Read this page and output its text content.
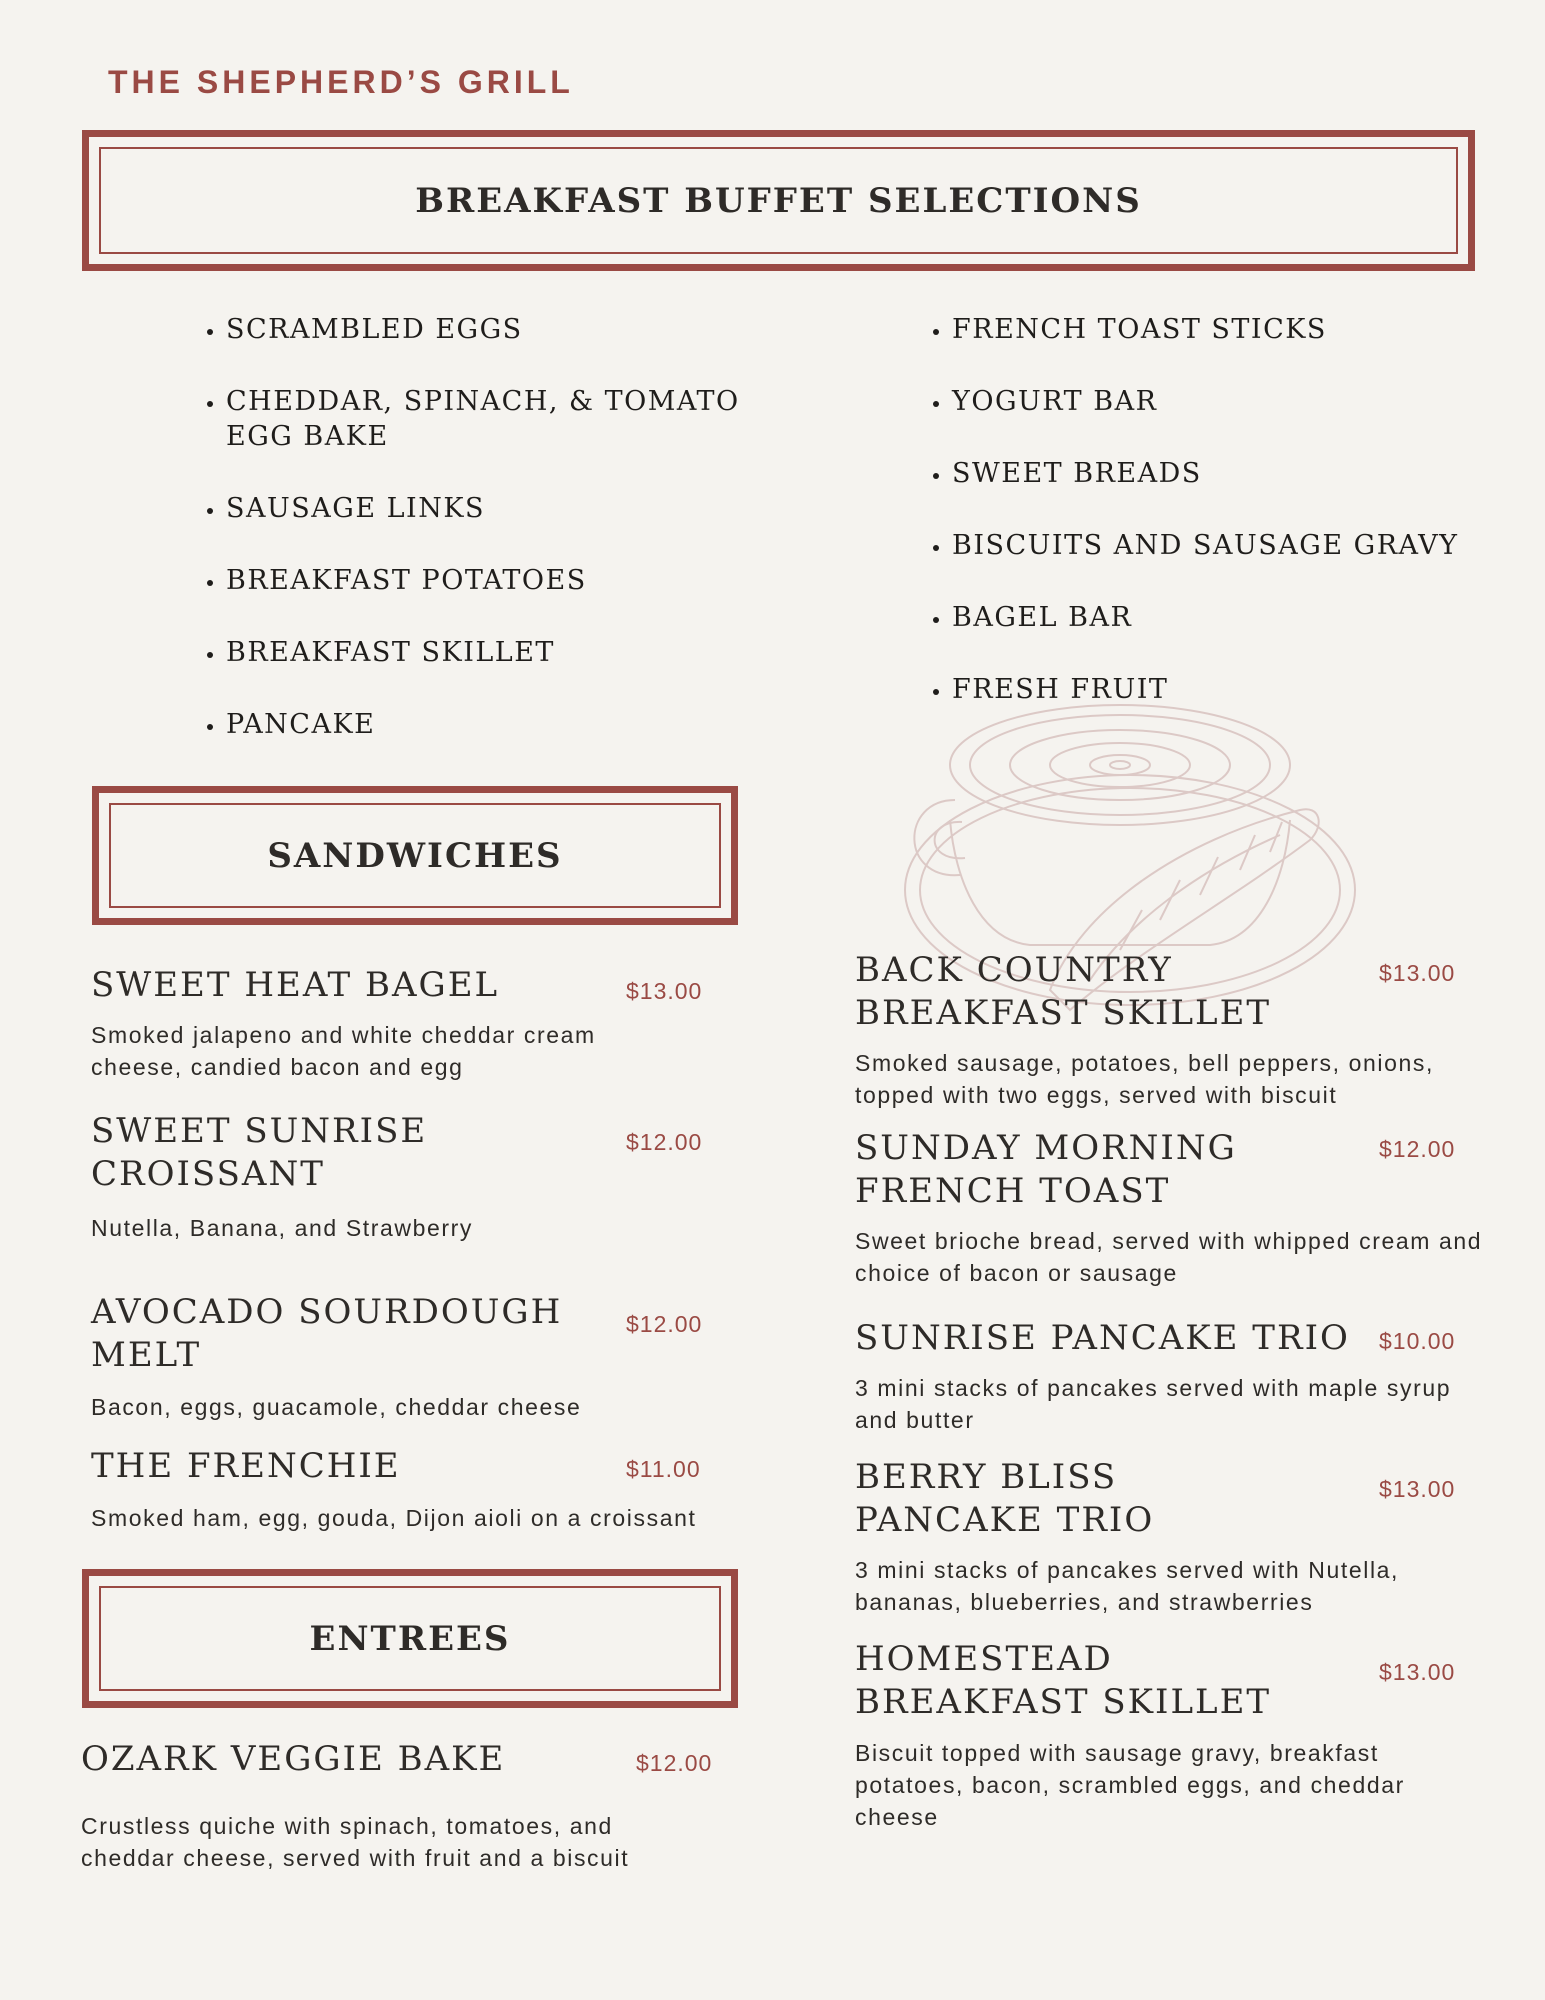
THE SHEPHERD’S GRILL
BREAKFAST BUFFET SELECTIONS
• SCRAMBLED EGGS
• CHEDDAR, SPINACH, & TOMATO EGG BAKE
• SAUSAGE LINKS
• BREAKFAST POTATOES
• BREAKFAST SKILLET
• PANCAKE
• FRENCH TOAST STICKS
• YOGURT BAR
• SWEET BREADS
• BISCUITS AND SAUSAGE GRAVY
• BAGEL BAR
• FRESH FRUIT
SANDWICHES
SWEET HEAT BAGEL	$13.00
Smoked jalapeno and white cheddar cream cheese, candied bacon and egg
SWEET SUNRISE CROISSANT
$12.00
Nutella, Banana, and Strawberry
AVOCADO SOURDOUGH MELT
$12.00
Bacon, eggs, guacamole, cheddar cheese
THE FRENCHIE	$11.00
Smoked ham, egg, gouda, Dijon aioli on a croissant
ENTREES
OZARK VEGGIE BAKE	$12.00
Crustless quiche with spinach, tomatoes, and cheddar cheese, served with fruit and a biscuit
BACK COUNTRY BREAKFAST SKILLET
$13.00
Smoked sausage, potatoes, bell peppers, onions, topped with two eggs, served with biscuit
SUNDAY MORNING FRENCH TOAST
$12.00
Sweet brioche bread, served with whipped cream and choice of bacon or sausage
SUNRISE PANCAKE TRIO	$10.00
3 mini stacks of pancakes served with maple syrup and butter
BERRY BLISS PANCAKE TRIO
$13.00
3 mini stacks of pancakes served with Nutella, bananas, blueberries, and strawberries
HOMESTEAD BREAKFAST SKILLET
$13.00
Biscuit topped with sausage gravy, breakfast potatoes, bacon, scrambled eggs, and cheddar cheese
